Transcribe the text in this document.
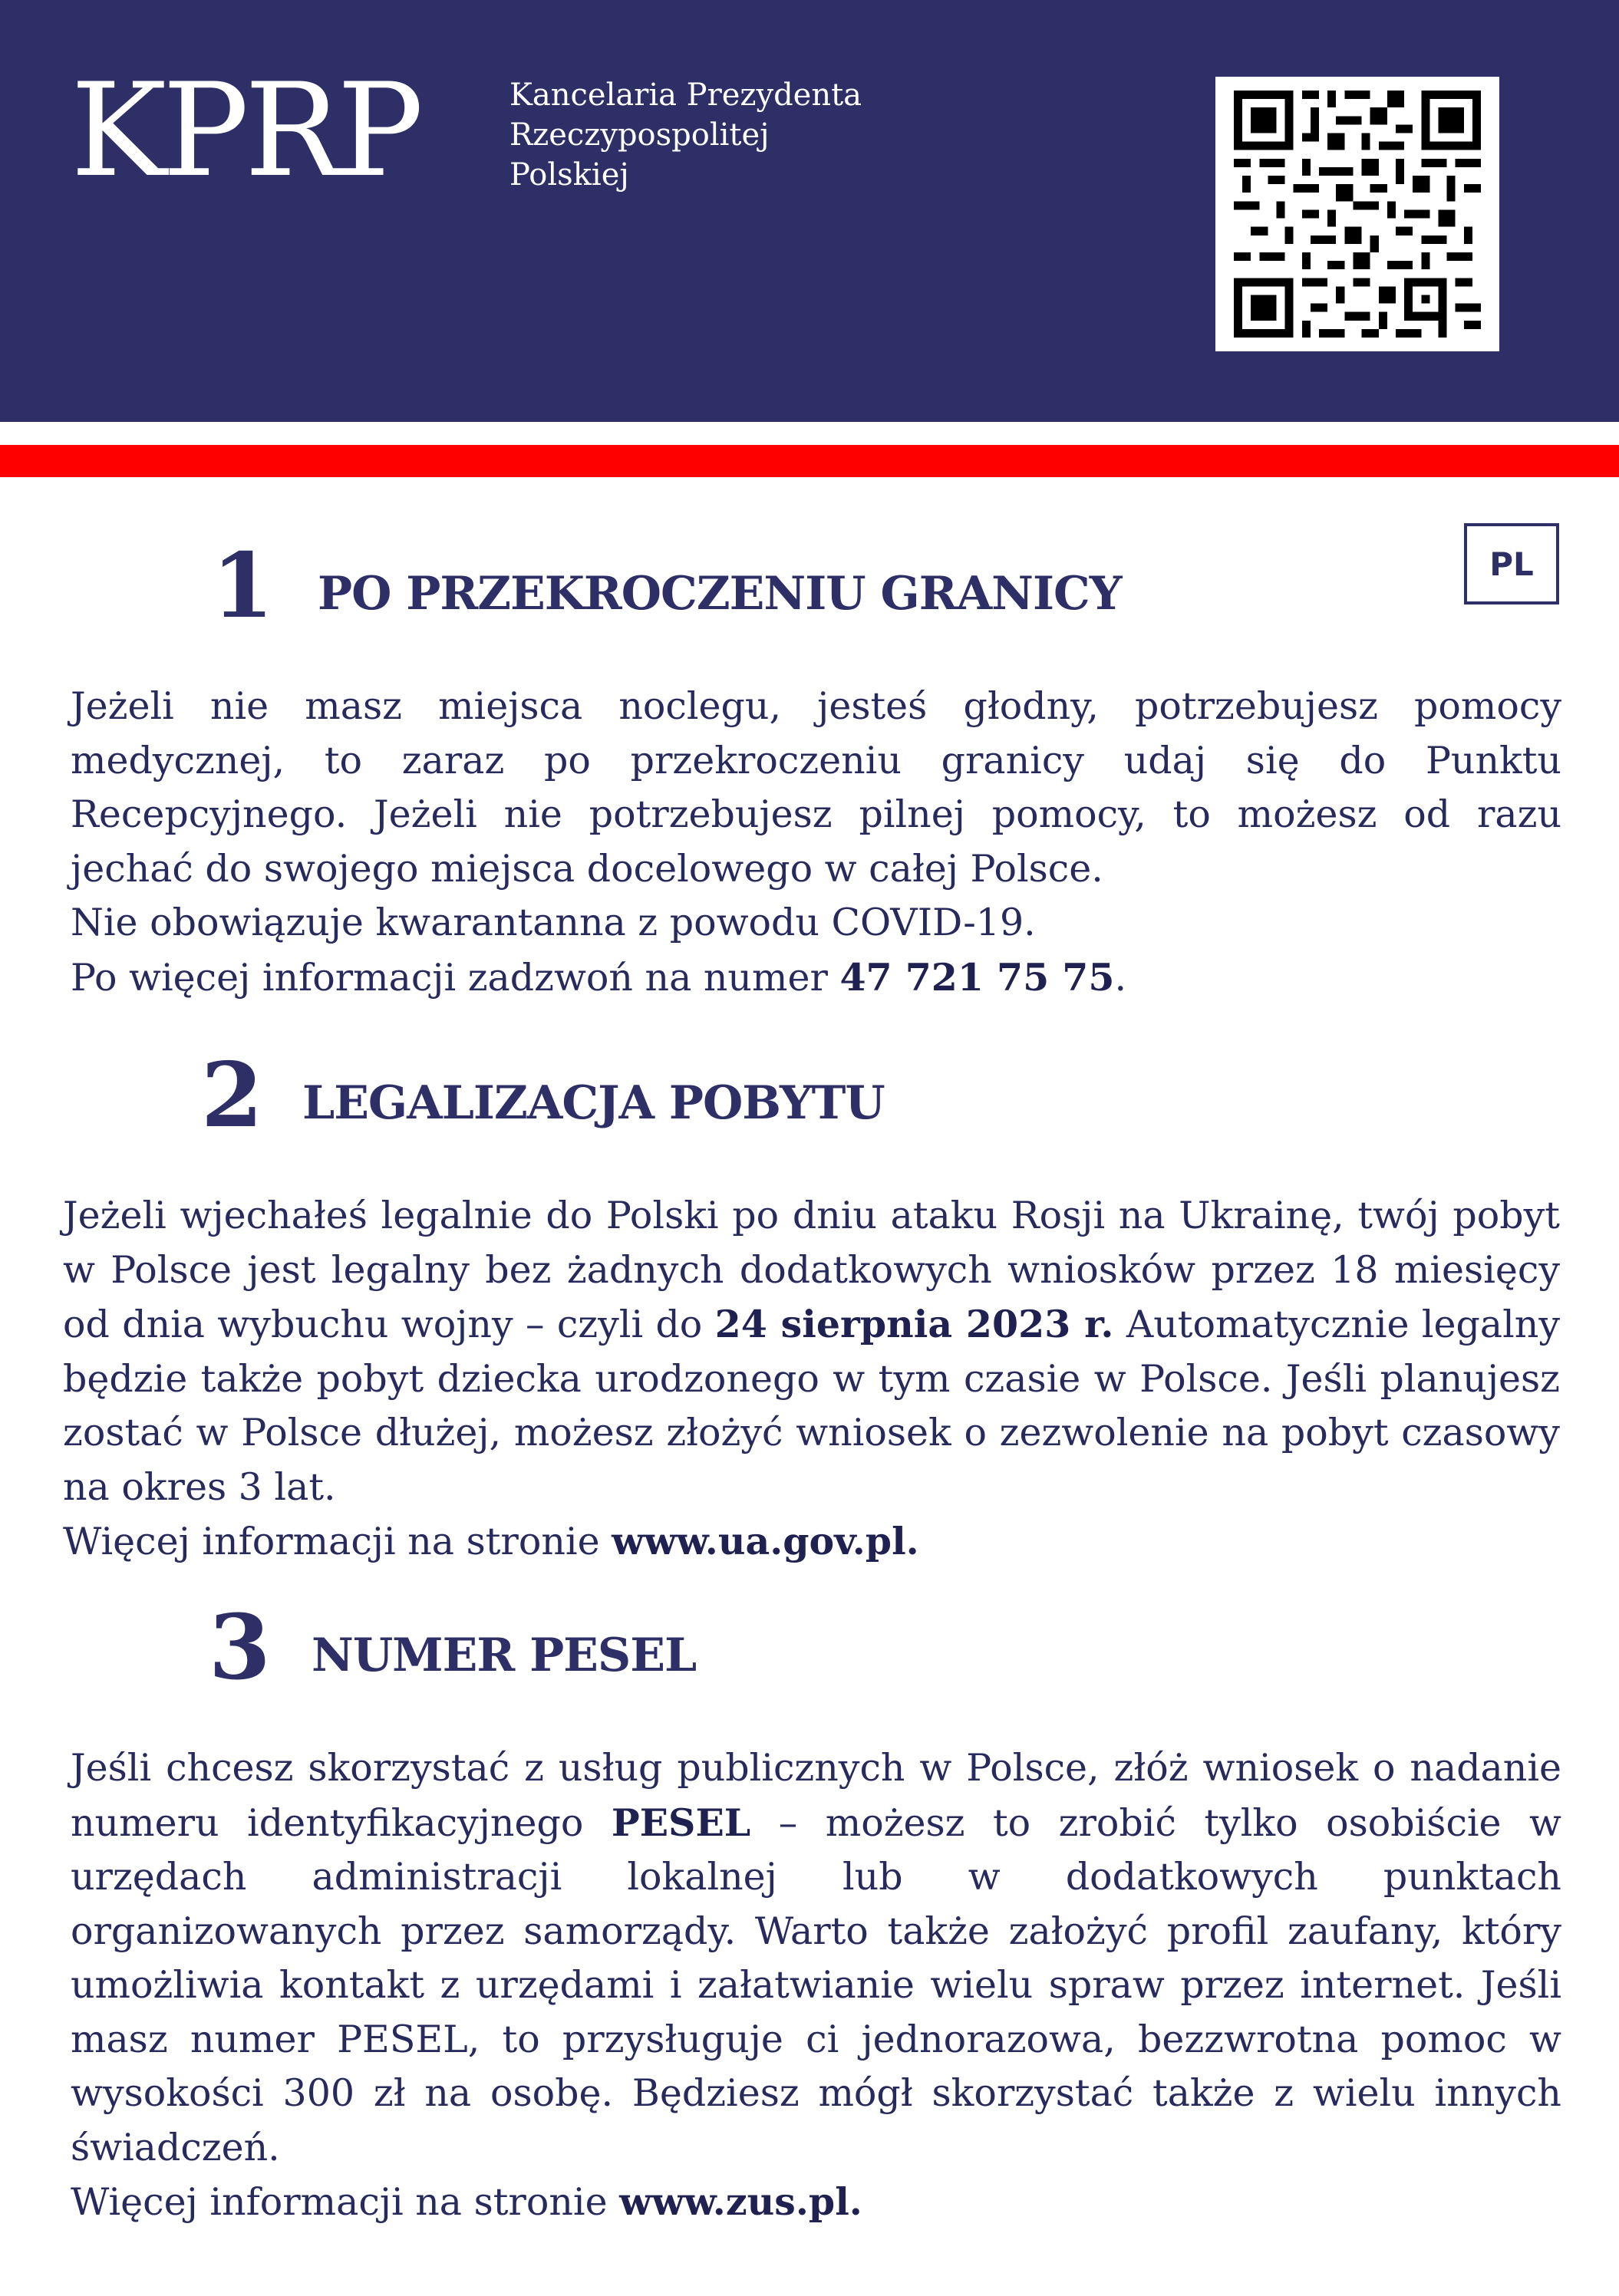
KPRP	Kancelaria Prezydenta
Rzeczypospolitej
Polskiej
PL
1 PO PRZEKROCZENIU GRANICY

Jeżeli nie masz miejsca noclegu, jesteś głodny, potrzebujesz pomocy medycznej, to zaraz po przekroczeniu granicy udaj się do Punktu Recepcyjnego. Jeżeli nie potrzebujesz pilnej pomocy, to możesz od razu jechać do swojego miejsca docelowego w całej Polsce.
Nie obowiązuje kwarantanna z powodu COVID-19.
Po więcej informacji zadzwoń na numer 47 721 75 75.

2 LEGALIZACJA POBYTU

Jeżeli wjechałeś legalnie do Polski po dniu ataku Rosji na Ukrainę, twój pobyt w Polsce jest legalny bez żadnych dodatkowych wniosków przez 18 miesięcy od dnia wybuchu wojny – czyli do 24 sierpnia 2023 r. Automatycznie legalny będzie także pobyt dziecka urodzonego w tym czasie w Polsce. Jeśli planujesz zostać w Polsce dłużej, możesz złożyć wniosek o zezwolenie na pobyt czasowy na okres 3 lat.
Więcej informacji na stronie www.ua.gov.pl.

3 NUMER PESEL

Jeśli chcesz skorzystać z usług publicznych w Polsce, złóż wniosek o nadanie numeru identyfikacyjnego PESEL – możesz to zrobić tylko osobiście w urzędach administracji lokalnej lub w dodatkowych punktach organizowanych przez samorządy. Warto także założyć profil zaufany, który umożliwia kontakt z urzędami i załatwianie wielu spraw przez internet. Jeśli masz numer PESEL, to przysługuje ci jednorazowa, bezzwrotna pomoc w wysokości 300 zł na osobę. Będziesz mógł skorzystać także z wielu innych świadczeń.
Więcej informacji na stronie www.zus.pl.
